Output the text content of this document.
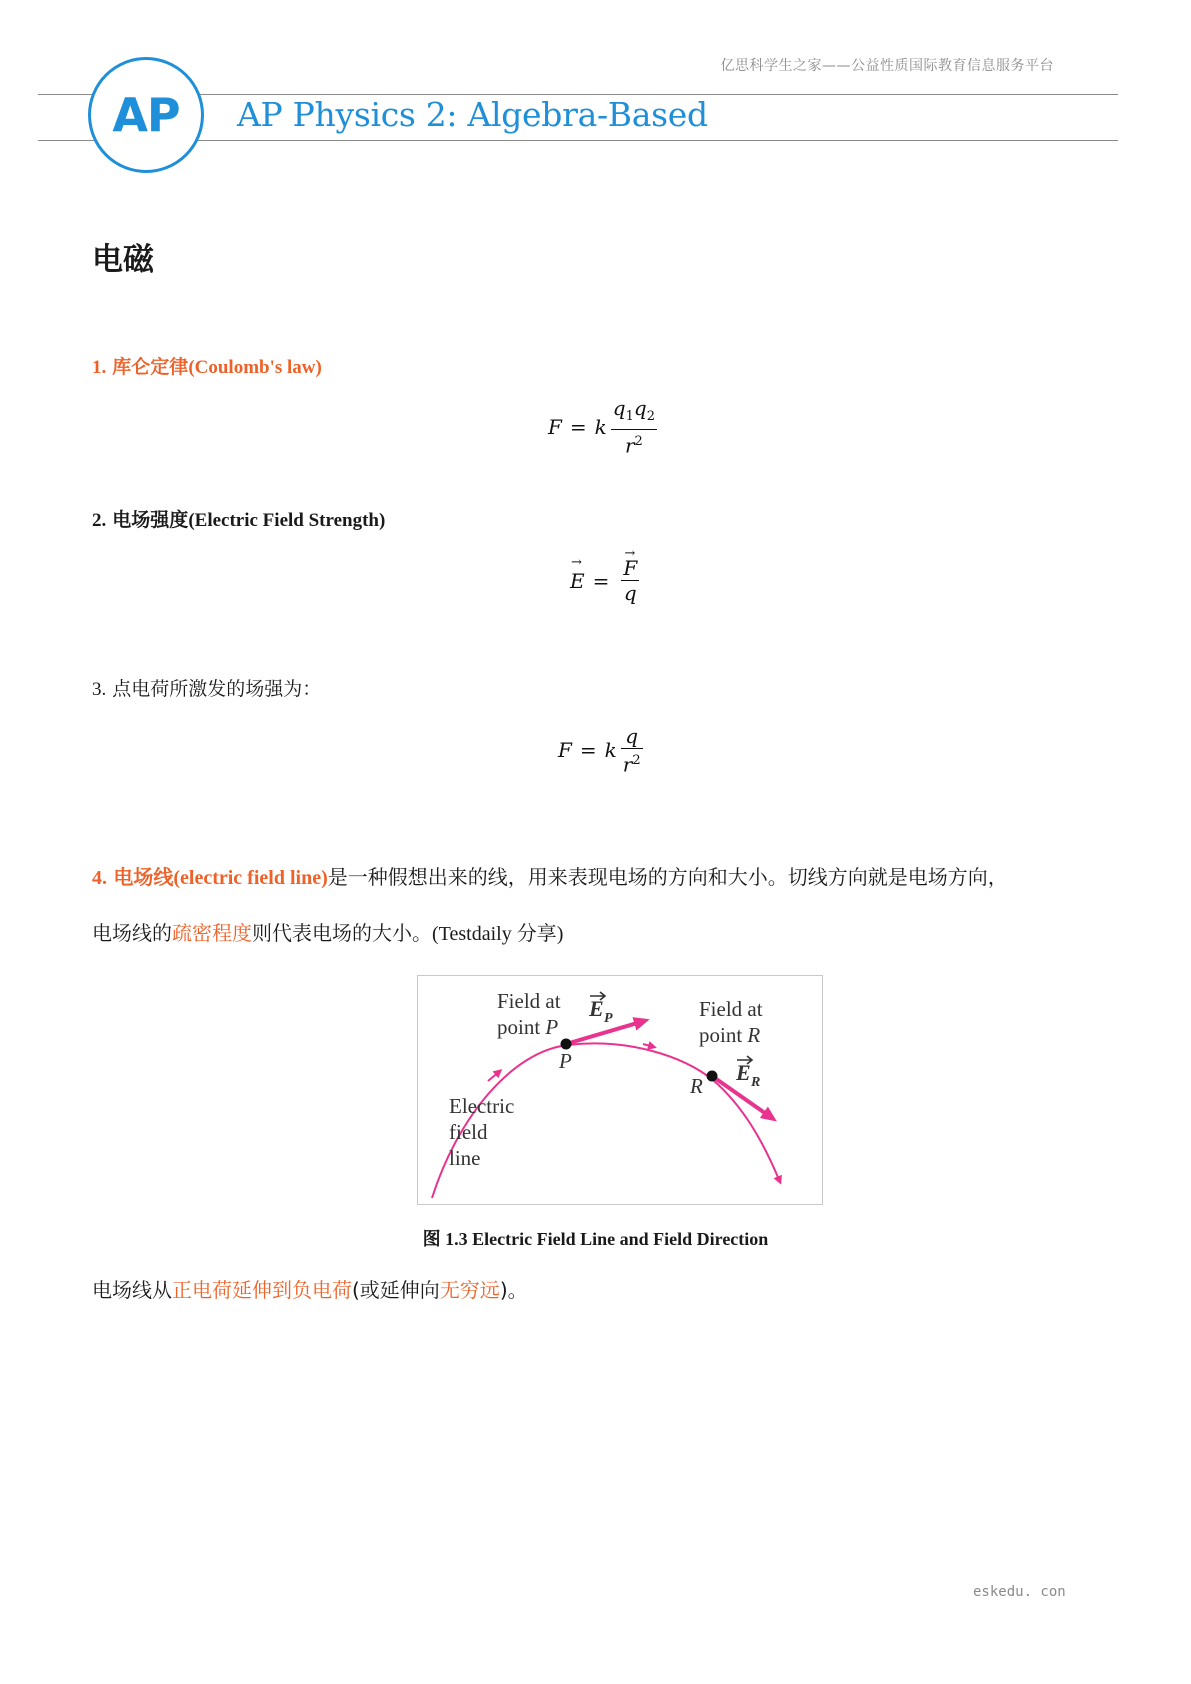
亿思科学生之家——公益性质国际教育信息服务平台
AP AP Physics 2: Algebra-Based
电磁
1. 库仑定律(Coulomb's law)
F = k $\frac{q_1q_2}{r^2}$
2. 电场强度(Electric Field Strength)
→ E =
→ $\frac{F}{q}$
3. 点电荷所激发的场强为：
F = k $\frac{q}{r^2}$
4. 电场线(electric field line)是一种假想出来的线，用来表现电场的方向和大小。切线方向就是电场方向，
电场线的疏密程度则代表电场的大小。(Testdaily 分享)
Field at
point P
Field at
point R
P
R
Electric
field
line
E P
E R
图 1.3 Electric Field Line and Field Direction
电场线从正电荷延伸到负电荷(或延伸向无穷远)。
eskedu. con
